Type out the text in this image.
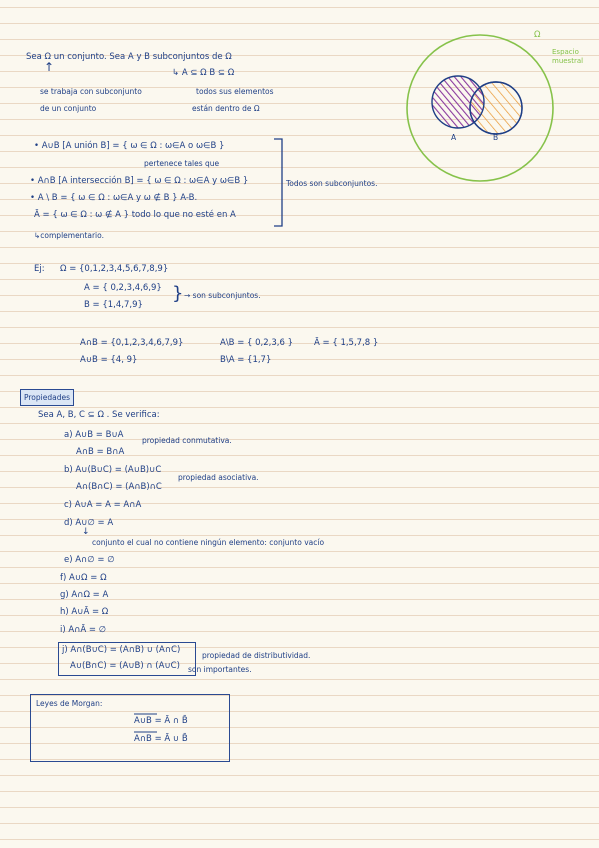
Sea Ω un conjunto. Sea A y B subconjuntos de Ω
↑	↳ A ⊆ Ω B ⊆ Ω
se trabaja con subconjunto
de un conjunto
todos sus elementos
están dentro de Ω
Ω
Espacio
muestral
A	B
• A∪B [A unión B] = { ω ∈ Ω : ω∈A o ω∈B }
pertenece tales que
• A∩B [A intersección B] = { ω ∈ Ω : ω∈A y ω∈B }
• A \ B = { ω ∈ Ω : ω∈A y ω ∉ B } A-B.
Ā = { ω ∈ Ω : ω ∉ A } todo lo que no esté en A
↳complementario.
Todos son subconjuntos.
Ej: Ω = {0,1,2,3,4,5,6,7,8,9}
A = { 0,2,3,4,6,9}
B = {1,4,7,9}
} → son subconjuntos.
A∩B = {0,1,2,3,4,6,7,9}	A\B = { 0,2,3,6 } Ā = { 1,5,7,8 }
A∪B = {4, 9}	B\A = {1,7}
Propiedades
Sea A, B, C ⊆ Ω . Se verifica:
a) A∪B = B∪A
A∩B = B∩A
propiedad conmutativa.
b) A∪(B∪C) = (A∪B)∪C
A∩(B∩C) = (A∩B)∩C
propiedad asociativa.
c) A∪A = A = A∩A
d) A∪∅ = A
↓
conjunto el cual no contiene ningún elemento: conjunto vacío
e) A∩∅ = ∅
f) A∪Ω = Ω
g) A∩Ω = A
h) A∪Ā = Ω
i) A∩Ā = ∅
j) A∩(B∪C) = (A∩B) ∪ (A∩C)
A∪(B∩C) = (A∪B) ∩ (A∪C)
propiedad de distributividad.
son importantes.
Leyes de Morgan:
A∪B = Ā ∩ B̄
A∩B = Ā ∪ B̄
